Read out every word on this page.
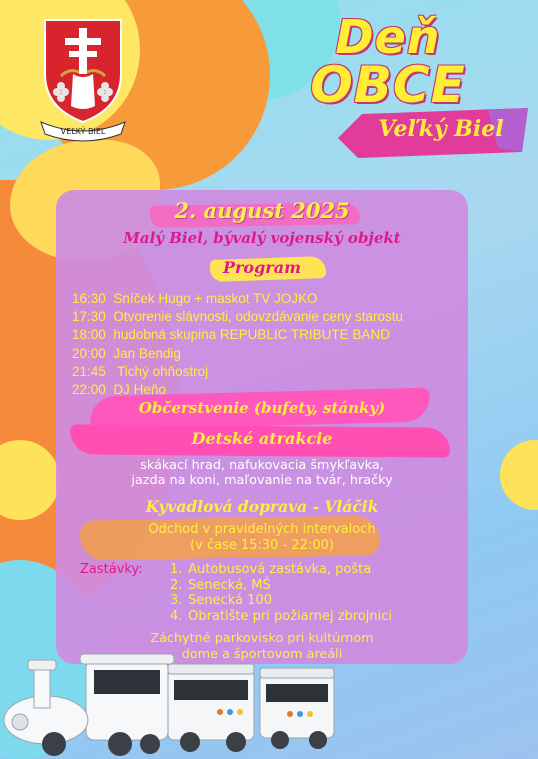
VEĽKÝ BIEL
Deň
OBCE
Veľký Biel
2. august 2025
Malý Biel, bývalý vojenský objekt
Program
16:30 Sníček Hugo + maskot TV JOJKO
17:30 Otvorenie slávnosti, odovzdávanie ceny starostu
18:00 hudobná skupina REPUBLIC TRIBUTE BAND
20:00 Jan Bendig
21:45 Tichý ohňostroj
22:00 DJ Heňo
Občerstvenie (bufety, stánky)
Detské atrakcie
skákací hrad, nafukovacia šmykľavka,
jazda na koni, maľovanie na tvár, hračky
Kyvadlová doprava - Vláčik
Odchod v pravidelných intervaloch
(v čase 15:30 - 22:00)
Zastávky: 1. Autobusová zastávka, pošta
2. Senecká, MŠ
3. Senecká 100
4. Obratište pri požiarnej zbrojnici
Záchytné parkovisko pri kultúrnom
dome a športovom areáli
